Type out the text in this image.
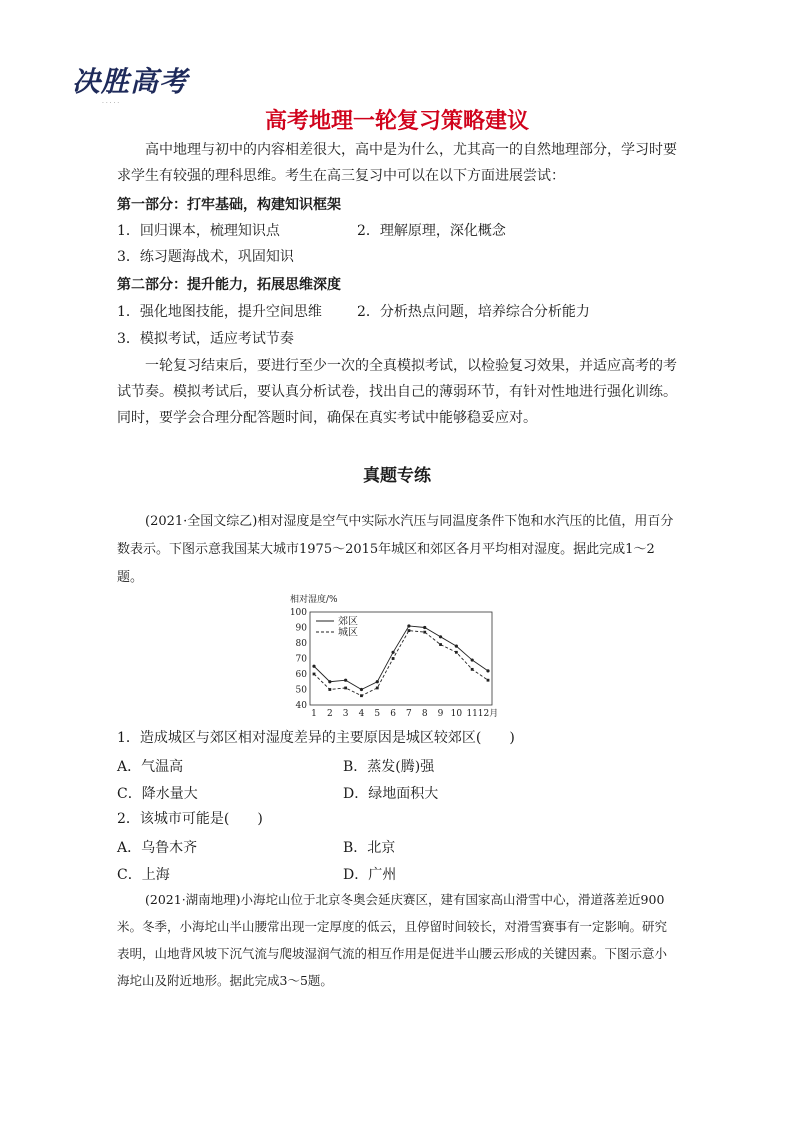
决胜高考
· · · · ·
高考地理一轮复习策略建议
高中地理与初中的内容相差很大，高中是为什么，尤其高一的自然地理部分，学习时要求学生有较强的理科思维。考生在高三复习中可以在以下方面进展尝试：
第一部分：打牢基础，构建知识框架
1．回归课本，梳理知识点	2．理解原理，深化概念
3．练习题海战术，巩固知识
第二部分：提升能力，拓展思维深度
1．强化地图技能，提升空间思维	2．分析热点问题，培养综合分析能力
3．模拟考试，适应考试节奏
一轮复习结束后，要进行至少一次的全真模拟考试，以检验复习效果，并适应高考的考试节奏。模拟考试后，要认真分析试卷，找出自己的薄弱环节，有针对性地进行强化训练。同时，要学会合理分配答题时间，确保在真实考试中能够稳妥应对。
真题专练
(2021·全国文综乙)相对湿度是空气中实际水汽压与同温度条件下饱和水汽压的比值，用百分数表示。下图示意我国某大城市1975～2015年城区和郊区各月平均相对湿度。据此完成1～2题。
相对湿度/%
100
90
80
70
60
50
40
1 2 3 4 5 6 7 8 9 10 11 12月
郊区
城区
1．造成城区与郊区相对湿度差异的主要原因是城区较郊区(　　)
A．气温高	B．蒸发(腾)强
C．降水量大	D．绿地面积大
2．该城市可能是(　　)
A．乌鲁木齐	B．北京
C．上海	D．广州
(2021·湖南地理)小海坨山位于北京冬奥会延庆赛区，建有国家高山滑雪中心，滑道落差近900米。冬季，小海坨山半山腰常出现一定厚度的低云，且停留时间较长，对滑雪赛事有一定影响。研究表明，山地背风坡下沉气流与爬坡湿润气流的相互作用是促进半山腰云形成的关键因素。下图示意小海坨山及附近地形。据此完成3～5题。
